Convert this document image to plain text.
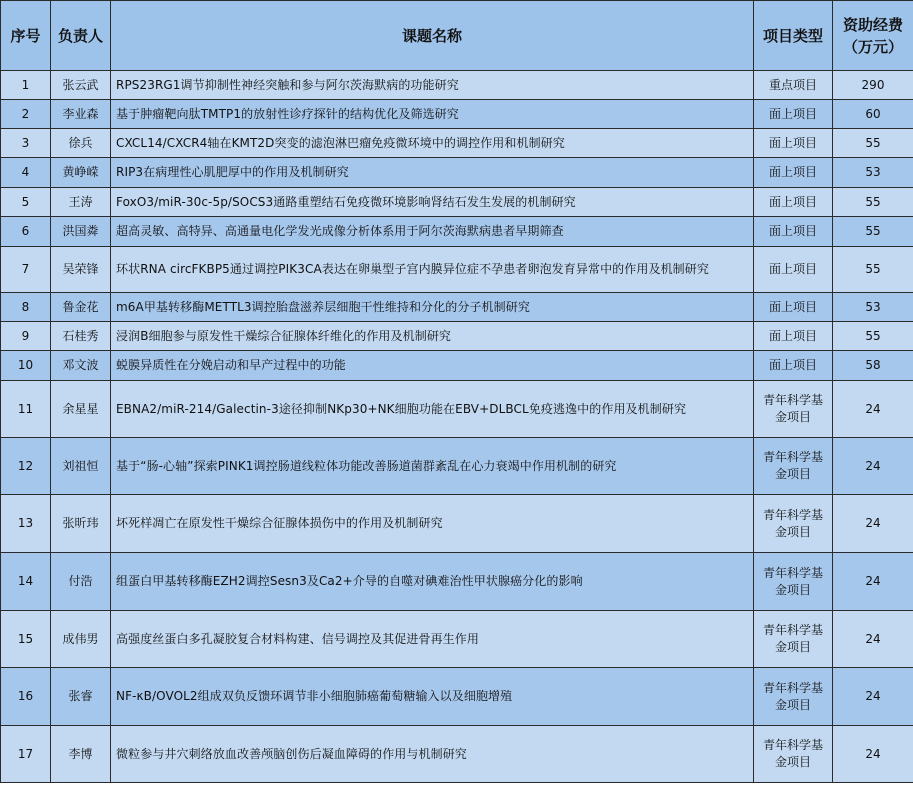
序号	负责人	课题名称	项目类型	资助经费（万元）
1	张云武	RPS23RG1调节抑制性神经突触和参与阿尔茨海默病的功能研究	重点项目	290
2	李业森	基于肿瘤靶向肽TMTP1的放射性诊疗探针的结构优化及筛选研究	面上项目	60
3	徐兵	CXCL14/CXCR4轴在KMT2D突变的滤泡淋巴瘤免疫微环境中的调控作用和机制研究	面上项目	55
4	黄峥嵘	RIP3在病理性心肌肥厚中的作用及机制研究	面上项目	53
5	王涛	FoxO3/miR-30c-5p/SOCS3通路重塑结石免疫微环境影响肾结石发生发展的机制研究	面上项目	55
6	洪国粦	超高灵敏、高特异、高通量电化学发光成像分析体系用于阿尔茨海默病患者早期筛查	面上项目	55
7	吴荣锋	环状RNA circFKBP5通过调控PIK3CA表达在卵巢型子宫内膜异位症不孕患者卵泡发育异常中的作用及机制研究	面上项目	55
8	鲁金花	m6A甲基转移酶METTL3调控胎盘滋养层细胞干性维持和分化的分子机制研究	面上项目	53
9	石桂秀	浸润B细胞参与原发性干燥综合征腺体纤维化的作用及机制研究	面上项目	55
10	邓文波	蜕膜异质性在分娩启动和早产过程中的功能	面上项目	58
11	余星星	EBNA2/miR-214/Galectin-3途径抑制NKp30+NK细胞功能在EBV+DLBCL免疫逃逸中的作用及机制研究	青年科学基金项目	24
12	刘祖恒	基于“肠-心轴”探索PINK1调控肠道线粒体功能改善肠道菌群紊乱在心力衰竭中作用机制的研究	青年科学基金项目	24
13	张昕玮	坏死样凋亡在原发性干燥综合征腺体损伤中的作用及机制研究	青年科学基金项目	24
14	付浩	组蛋白甲基转移酶EZH2调控Sesn3及Ca2+介导的自噬对碘难治性甲状腺癌分化的影响	青年科学基金项目	24
15	成伟男	高强度丝蛋白多孔凝胶复合材料构建、信号调控及其促进骨再生作用	青年科学基金项目	24
16	张睿	NF-κB/OVOL2组成双负反馈环调节非小细胞肺癌葡萄糖输入以及细胞增殖	青年科学基金项目	24
17	李博	微粒参与井穴刺络放血改善颅脑创伤后凝血障碍的作用与机制研究	青年科学基金项目	24
